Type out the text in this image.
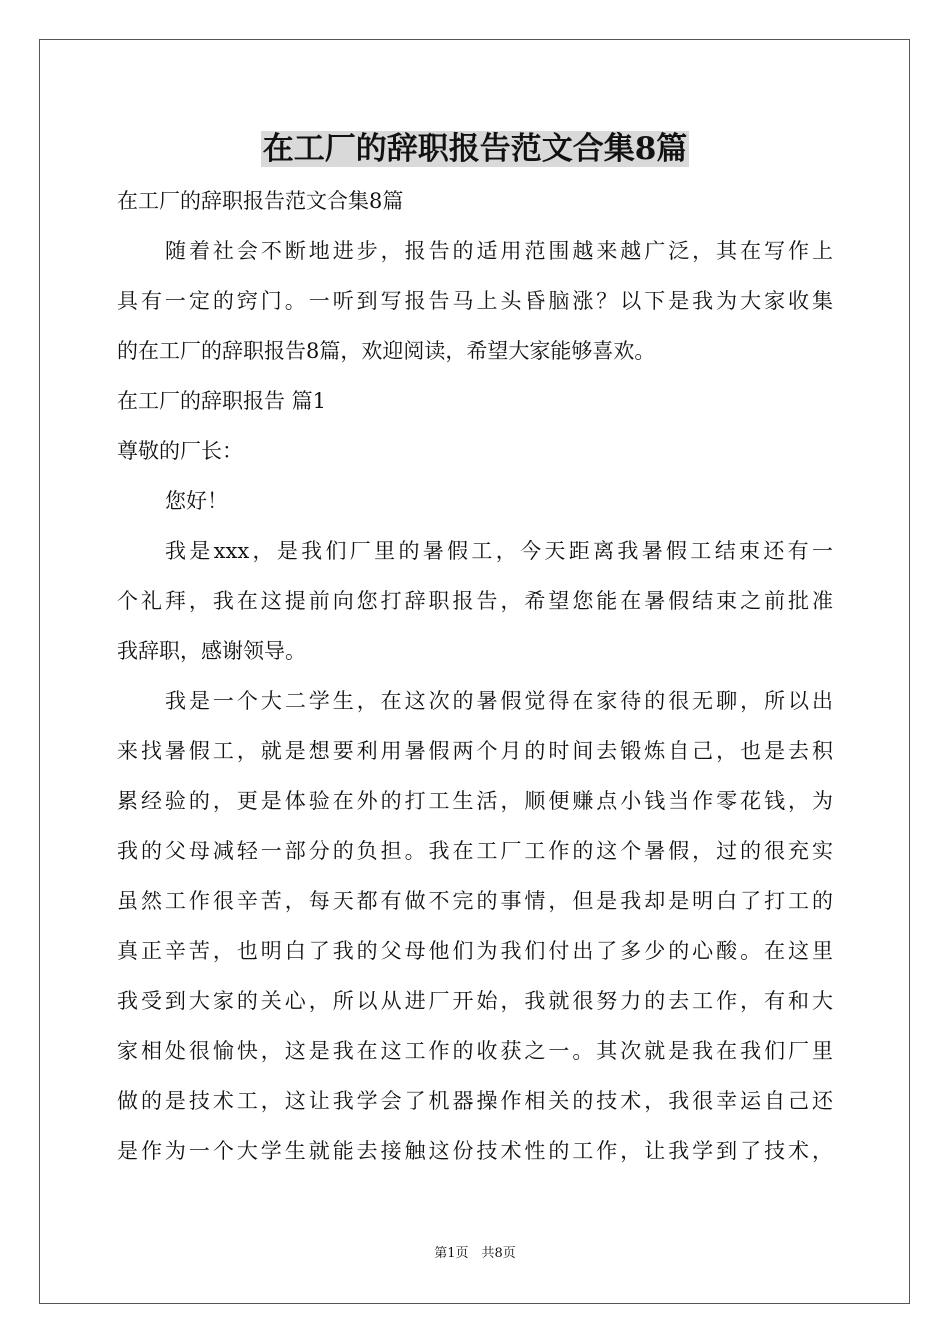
在工厂的辞职报告范文合集8篇
在工厂的辞职报告范文合集8篇
随着社会不断地进步，报告的适用范围越来越广泛，其在写作上
具有一定的窍门。一听到写报告马上头昏脑涨？以下是我为大家收集
的在工厂的辞职报告8篇，欢迎阅读，希望大家能够喜欢。
在工厂的辞职报告 篇1
尊敬的厂长：
您好！
我是xxx，是我们厂里的暑假工，今天距离我暑假工结束还有一
个礼拜，我在这提前向您打辞职报告，希望您能在暑假结束之前批准
我辞职，感谢领导。
我是一个大二学生，在这次的暑假觉得在家待的很无聊，所以出
来找暑假工，就是想要利用暑假两个月的时间去锻炼自己，也是去积
累经验的，更是体验在外的打工生活，顺便赚点小钱当作零花钱，为
我的父母减轻一部分的负担。我在工厂工作的这个暑假，过的很充实
虽然工作很辛苦，每天都有做不完的事情，但是我却是明白了打工的
真正辛苦，也明白了我的父母他们为我们付出了多少的心酸。在这里
我受到大家的关心，所以从进厂开始，我就很努力的去工作，有和大
家相处很愉快，这是我在这工作的收获之一。其次就是我在我们厂里
做的是技术工，这让我学会了机器操作相关的技术，我很幸运自己还
是作为一个大学生就能去接触这份技术性的工作，让我学到了技术，
第1页　共8页
